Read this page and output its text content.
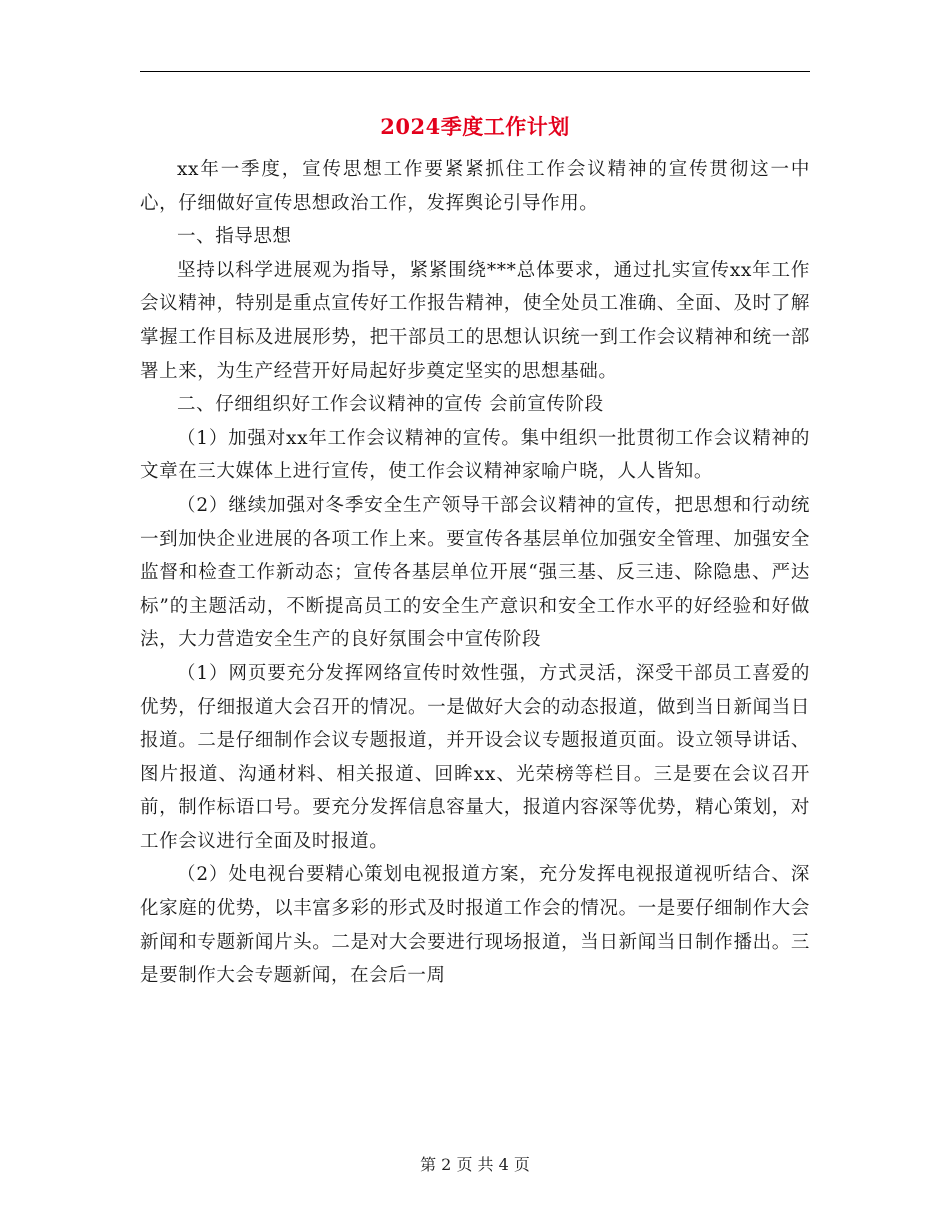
2024季度工作计划

xx年一季度，宣传思想工作要紧紧抓住工作会议精神的宣传贯彻这一中心，仔细做好宣传思想政治工作，发挥舆论引导作用。

一、指导思想

坚持以科学进展观为指导，紧紧围绕***总体要求，通过扎实宣传xx年工作会议精神，特别是重点宣传好工作报告精神，使全处员工准确、全面、及时了解掌握工作目标及进展形势，把干部员工的思想认识统一到工作会议精神和统一部署上来，为生产经营开好局起好步奠定坚实的思想基础。

二、仔细组织好工作会议精神的宣传 会前宣传阶段

（1）加强对xx年工作会议精神的宣传。集中组织一批贯彻工作会议精神的文章在三大媒体上进行宣传，使工作会议精神家喻户晓，人人皆知。

（2）继续加强对冬季安全生产领导干部会议精神的宣传，把思想和行动统一到加快企业进展的各项工作上来。要宣传各基层单位加强安全管理、加强安全监督和检查工作新动态；宣传各基层单位开展“强三基、反三违、除隐患、严达标”的主题活动，不断提高员工的安全生产意识和安全工作水平的好经验和好做法，大力营造安全生产的良好氛围会中宣传阶段

（1）网页要充分发挥网络宣传时效性强，方式灵活，深受干部员工喜爱的优势，仔细报道大会召开的情况。一是做好大会的动态报道，做到当日新闻当日报道。二是仔细制作会议专题报道，并开设会议专题报道页面。设立领导讲话、图片报道、沟通材料、相关报道、回眸xx、光荣榜等栏目。三是要在会议召开前，制作标语口号。要充分发挥信息容量大，报道内容深等优势，精心策划，对工作会议进行全面及时报道。

（2）处电视台要精心策划电视报道方案，充分发挥电视报道视听结合、深化家庭的优势，以丰富多彩的形式及时报道工作会的情况。一是要仔细制作大会新闻和专题新闻片头。二是对大会要进行现场报道，当日新闻当日制作播出。三是要制作大会专题新闻，在会后一周

第 2 页 共 4 页
